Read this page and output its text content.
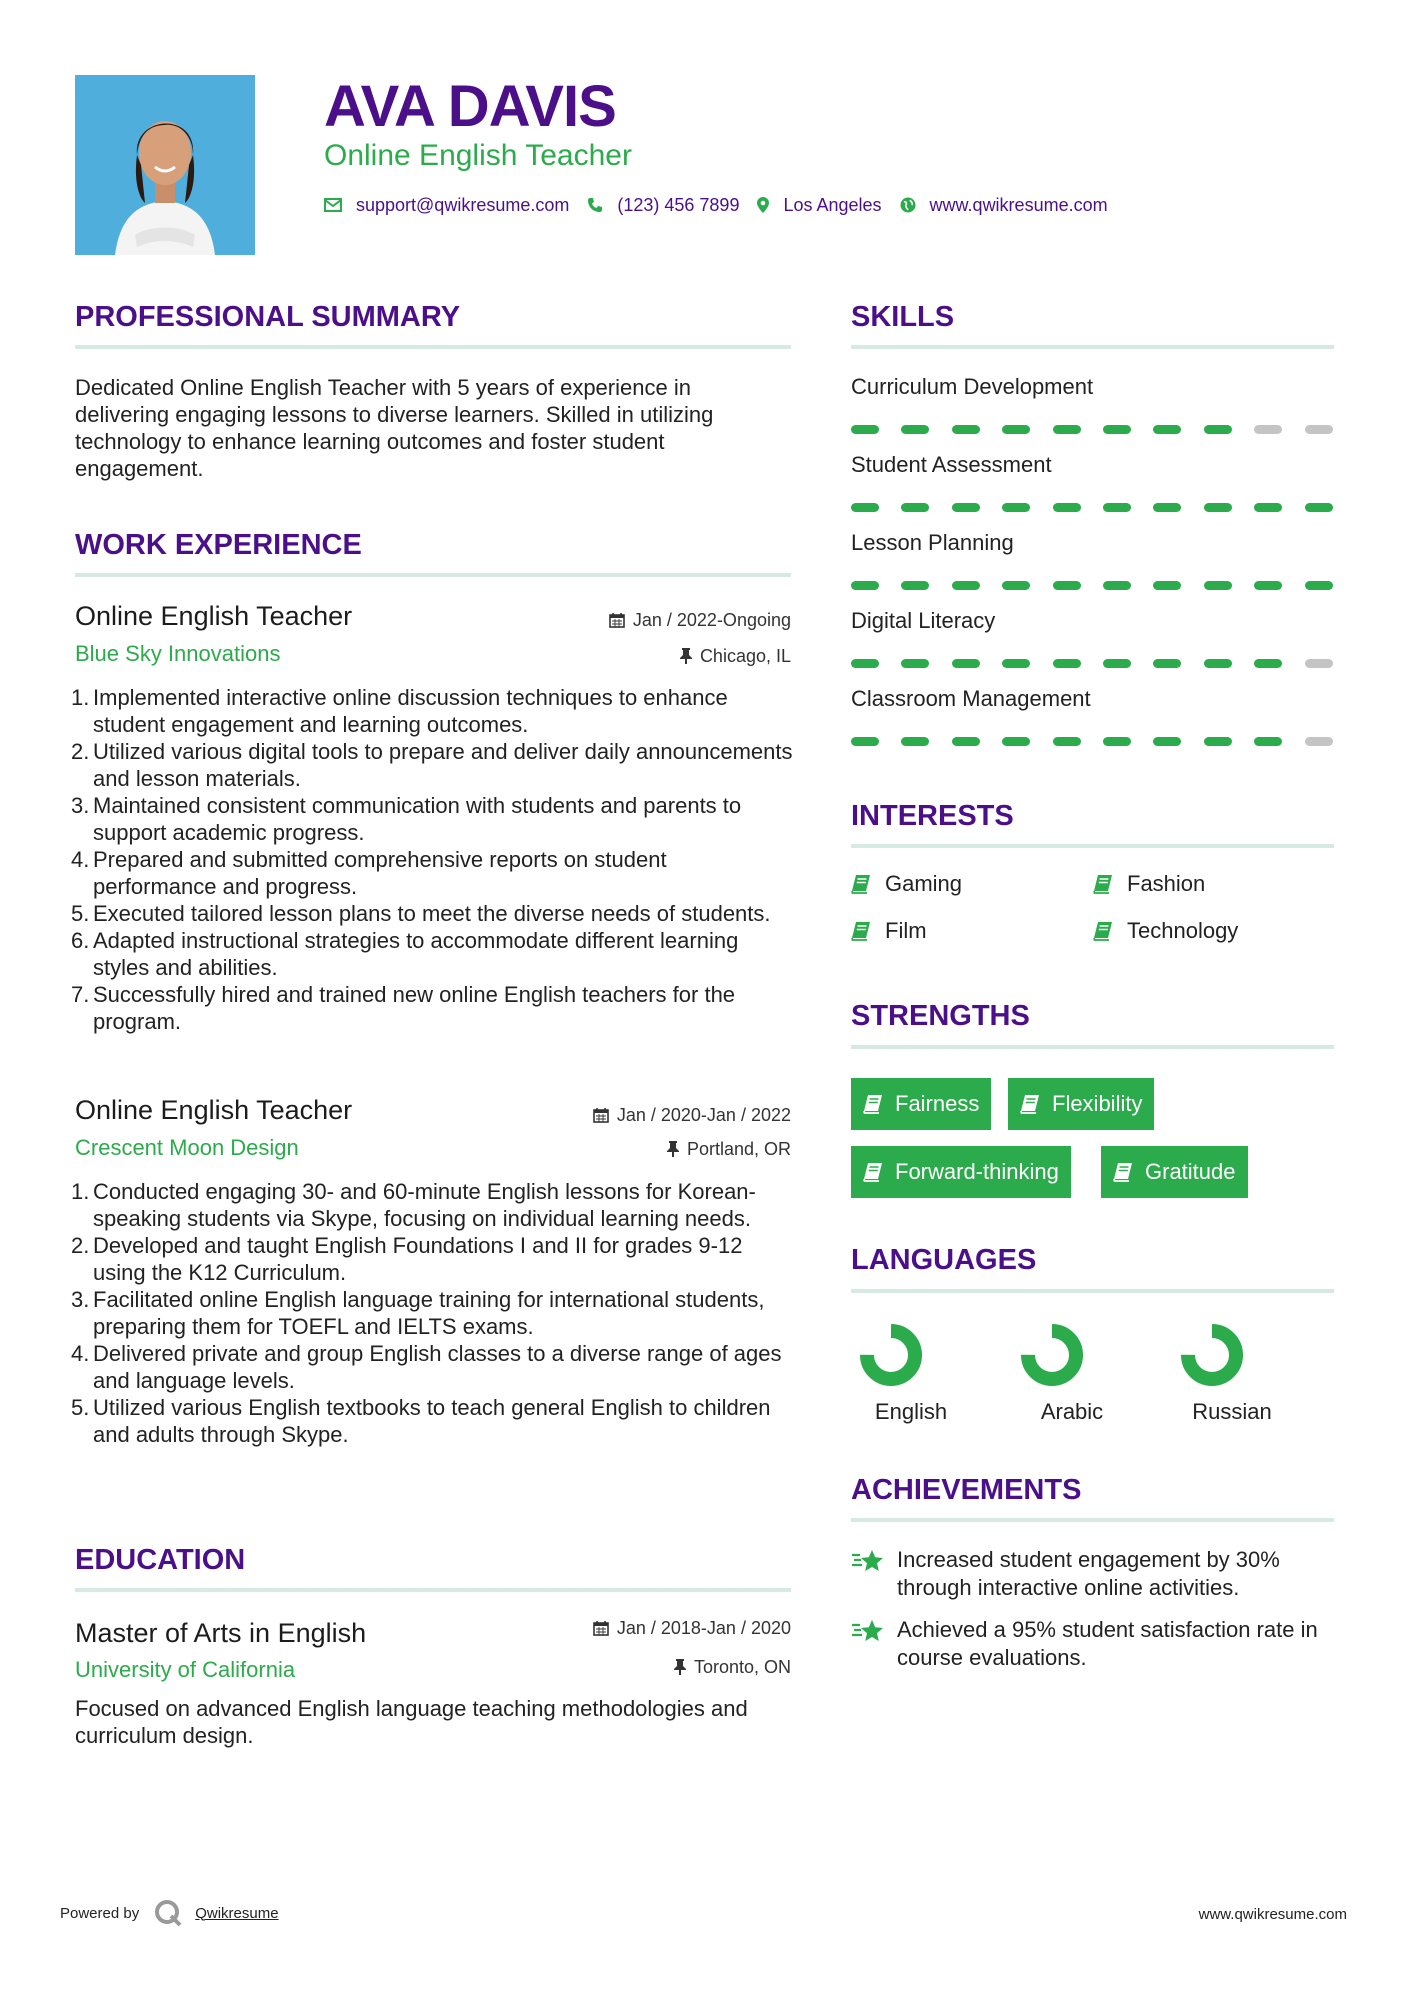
AVA DAVIS
Online English Teacher
support@qwikresume.com	(123) 456 7899 Los Angeles	www.qwikresume.com
PROFESSIONAL SUMMARY
Dedicated Online English Teacher with 5 years of experience in delivering engaging lessons to diverse learners. Skilled in utilizing technology to enhance learning outcomes and foster student engagement.
WORK EXPERIENCE
Online English Teacher	Jan / 2022-Ongoing
Blue Sky Innovations	Chicago, IL
1. Implemented interactive online discussion techniques to enhance student engagement and learning outcomes.
2. Utilized various digital tools to prepare and deliver daily announcements and lesson materials.
3. Maintained consistent communication with students and parents to support academic progress.
4. Prepared and submitted comprehensive reports on student performance and progress.
5. Executed tailored lesson plans to meet the diverse needs of students.
6. Adapted instructional strategies to accommodate different learning styles and abilities.
7. Successfully hired and trained new online English teachers for the program.
Online English Teacher	Jan / 2020-Jan / 2022
Crescent Moon Design	Portland, OR
1. Conducted engaging 30- and 60-minute English lessons for Korean-speaking students via Skype, focusing on individual learning needs.
2. Developed and taught English Foundations I and II for grades 9-12 using the K12 Curriculum.
3. Facilitated online English language training for international students, preparing them for TOEFL and IELTS exams.
4. Delivered private and group English classes to a diverse range of ages and language levels.
5. Utilized various English textbooks to teach general English to children and adults through Skype.
EDUCATION
Master of Arts in English	Jan / 2018-Jan / 2020
University of California	Toronto, ON
Focused on advanced English language teaching methodologies and curriculum design.
SKILLS
Curriculum Development
Student Assessment
Lesson Planning
Digital Literacy
Classroom Management
INTERESTS
Gaming	Fashion
Film	Technology
STRENGTHS
Fairness	Flexibility
Forward-thinking	Gratitude
LANGUAGES
English	Arabic	Russian
ACHIEVEMENTS
Increased student engagement by 30% through interactive online activities.
Achieved a 95% student satisfaction rate in course evaluations.
Powered by	Qwikresume	www.qwikresume.com
